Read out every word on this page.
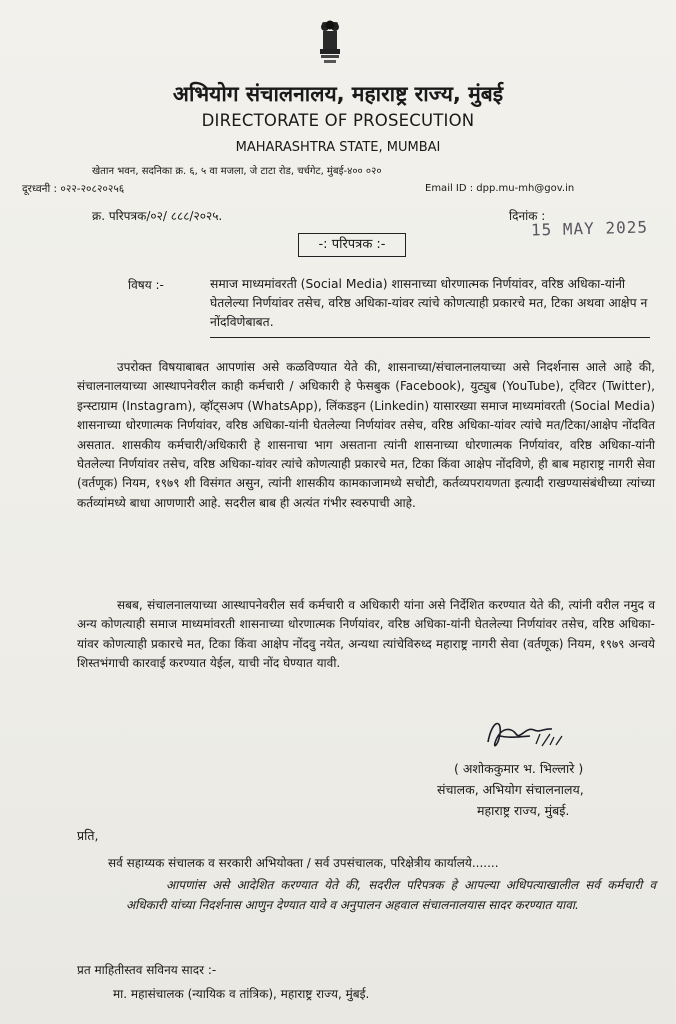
अभियोग संचालनालय, महाराष्ट्र राज्य, मुंबई
DIRECTORATE OF PROSECUTION
MAHARASHTRA STATE, MUMBAI
खेतान भवन, सदनिका क्र. ६, ५ वा मजला, जे टाटा रोड, चर्चगेट, मुंबई-४०० ०२०
दूरध्वनी : ०२२-२०८२०२५६	Email ID : dpp.mu-mh@gov.in
क्र. परिपत्रक/०२/ ८८८/२०२५.	दिनांक :
15 MAY 2025
-: परिपत्रक :-
विषय :-	समाज माध्यमांवरती (Social Media) शासनाच्या धोरणात्मक निर्णयांवर, वरिष्ठ अधिका-यांनी घेतलेल्या निर्णयांवर तसेच, वरिष्ठ अधिका-यांवर त्यांचे कोणत्याही प्रकारचे मत, टिका अथवा आक्षेप न नोंदविणेबाबत.
उपरोक्त विषयाबाबत आपणांस असे कळविण्यात येते की, शासनाच्या/संचालनालयाच्या असे निदर्शनास आले आहे की, संचालनालयाच्या आस्थापनेवरील काही कर्मचारी / अधिकारी हे फेसबुक (Facebook), युट्युब (YouTube), ट्विटर (Twitter), इन्स्टाग्राम (Instagram), व्हॉट्सअप (WhatsApp), लिंकडइन (Linkedin) यासारख्या समाज माध्यमांवरती (Social Media) शासनाच्या धोरणात्मक निर्णयांवर, वरिष्ठ अधिका-यांनी घेतलेल्या निर्णयांवर तसेच, वरिष्ठ अधिका-यांवर त्यांचे मत/टिका/आक्षेप नोंदवित असतात. शासकीय कर्मचारी/अधिकारी हे शासनाचा भाग असताना त्यांनी शासनाच्या धोरणात्मक निर्णयांवर, वरिष्ठ अधिका-यांनी घेतलेल्या निर्णयांवर तसेच, वरिष्ठ अधिका-यांवर त्यांचे कोणत्याही प्रकारचे मत, टिका किंवा आक्षेप नोंदविणे, ही बाब महाराष्ट्र नागरी सेवा (वर्तणूक) नियम, १९७९ शी विसंगत असुन, त्यांनी शासकीय कामकाजामध्ये सचोटी, कर्तव्यपरायणता इत्यादी राखण्यासंबंधीच्या त्यांच्या कर्तव्यांमध्ये बाधा आणणारी आहे. सदरील बाब ही अत्यंत गंभीर स्वरुपाची आहे.
सबब, संचालनालयाच्या आस्थापनेवरील सर्व कर्मचारी व अधिकारी यांना असे निर्देशित करण्यात येते की, त्यांनी वरील नमुद व अन्य कोणत्याही समाज माध्यमांवरती शासनाच्या धोरणात्मक निर्णयांवर, वरिष्ठ अधिका-यांनी घेतलेल्या निर्णयांवर तसेच, वरिष्ठ अधिका-यांवर कोणत्याही प्रकारचे मत, टिका किंवा आक्षेप नोंदवु नयेत, अन्यथा त्यांचेविरुध्द महाराष्ट्र नागरी सेवा (वर्तणूक) नियम, १९७९ अन्वये शिस्तभंगाची कारवाई करण्यात येईल, याची नोंद घेण्यात यावी.
( अशोककुमार भ. भिल्लारे )
संचालक, अभियोग संचालनालय,
महाराष्ट्र राज्य, मुंबई.
प्रति,
सर्व सहाय्यक संचालक व सरकारी अभियोक्ता / सर्व उपसंचालक, परिक्षेत्रीय कार्यालये.......
आपणांस असे आदेशित करण्यात येते की, सदरील परिपत्रक हे आपल्या अधिपत्याखालील सर्व कर्मचारी व अधिकारी यांच्या निदर्शनास आणुन देण्यात यावे व अनुपालन अहवाल संचालनालयास सादर करण्यात यावा.
प्रत माहितीस्तव सविनय सादर :-
मा. महासंचालक (न्यायिक व तांत्रिक), महाराष्ट्र राज्य, मुंबई.
